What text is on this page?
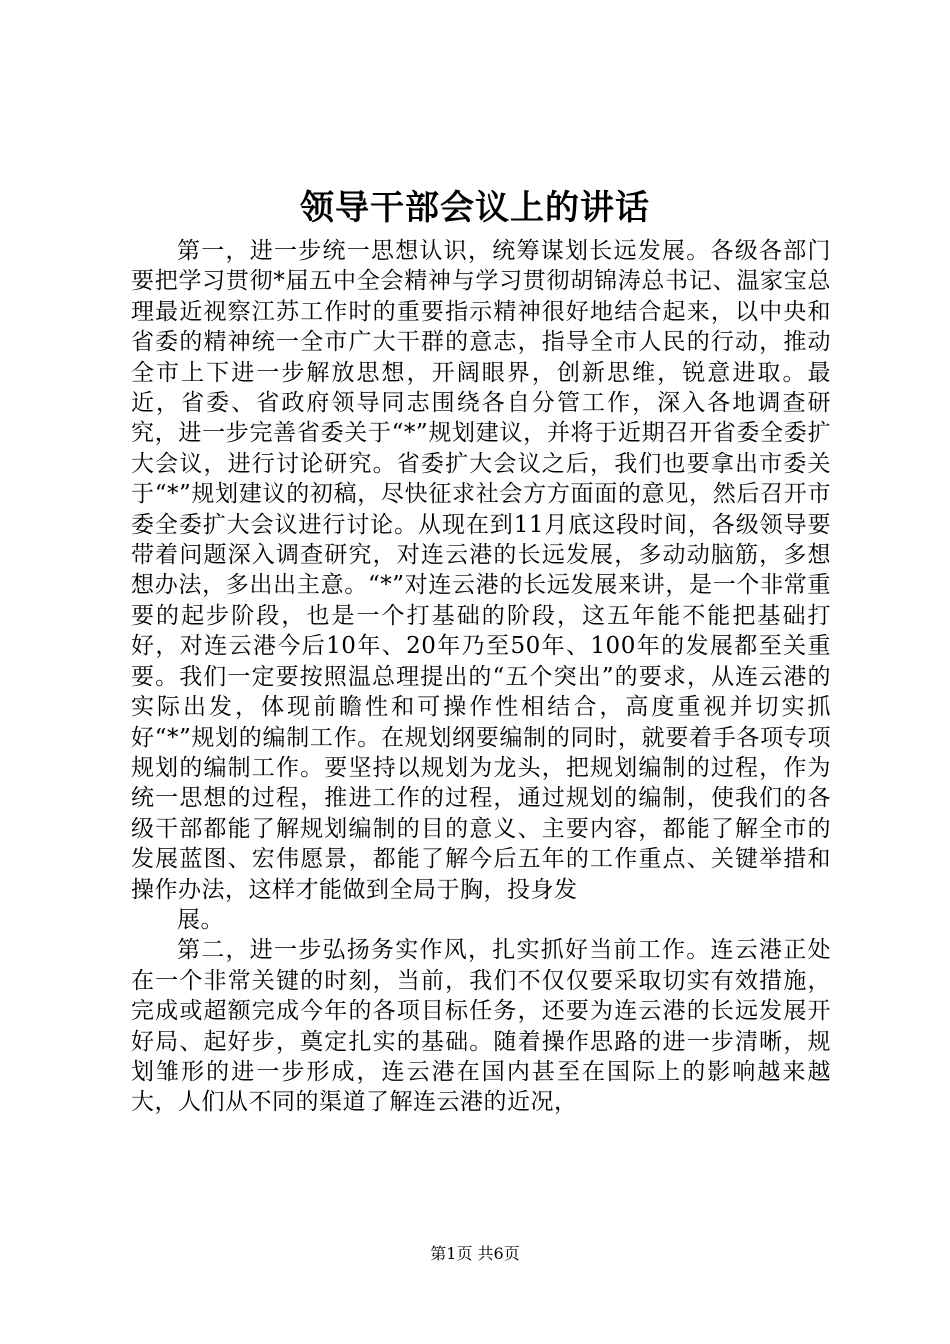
领导干部会议上的讲话

第一，进一步统一思想认识，统筹谋划长远发展。各级各部门要把学习贯彻*届五中全会精神与学习贯彻胡锦涛总书记、温家宝总理最近视察江苏工作时的重要指示精神很好地结合起来，以中央和省委的精神统一全市广大干群的意志，指导全市人民的行动，推动全市上下进一步解放思想，开阔眼界，创新思维，锐意进取。最近，省委、省政府领导同志围绕各自分管工作，深入各地调查研究，进一步完善省委关于“*”规划建议，并将于近期召开省委全委扩大会议，进行讨论研究。省委扩大会议之后，我们也要拿出市委关于“*”规划建议的初稿，尽快征求社会方方面面的意见，然后召开市委全委扩大会议进行讨论。从现在到11月底这段时间，各级领导要带着问题深入调查研究，对连云港的长远发展，多动动脑筋，多想想办法，多出出主意。“*”对连云港的长远发展来讲，是一个非常重要的起步阶段，也是一个打基础的阶段，这五年能不能把基础打好，对连云港今后10年、20年乃至50年、100年的发展都至关重要。我们一定要按照温总理提出的“五个突出”的要求，从连云港的实际出发，体现前瞻性和可操作性相结合，高度重视并切实抓好“*”规划的编制工作。在规划纲要编制的同时，就要着手各项专项规划的编制工作。要坚持以规划为龙头，把规划编制的过程，作为统一思想的过程，推进工作的过程，通过规划的编制，使我们的各级干部都能了解规划编制的目的意义、主要内容，都能了解全市的发展蓝图、宏伟愿景，都能了解今后五年的工作重点、关键举措和操作办法，这样才能做到全局于胸，投身发

展。

第二，进一步弘扬务实作风，扎实抓好当前工作。连云港正处在一个非常关键的时刻，当前，我们不仅仅要采取切实有效措施，完成或超额完成今年的各项目标任务，还要为连云港的长远发展开好局、起好步，奠定扎实的基础。随着操作思路的进一步清晰，规划雏形的进一步形成，连云港在国内甚至在国际上的影响越来越大，人们从不同的渠道了解连云港的近况，

第1页 共6页
